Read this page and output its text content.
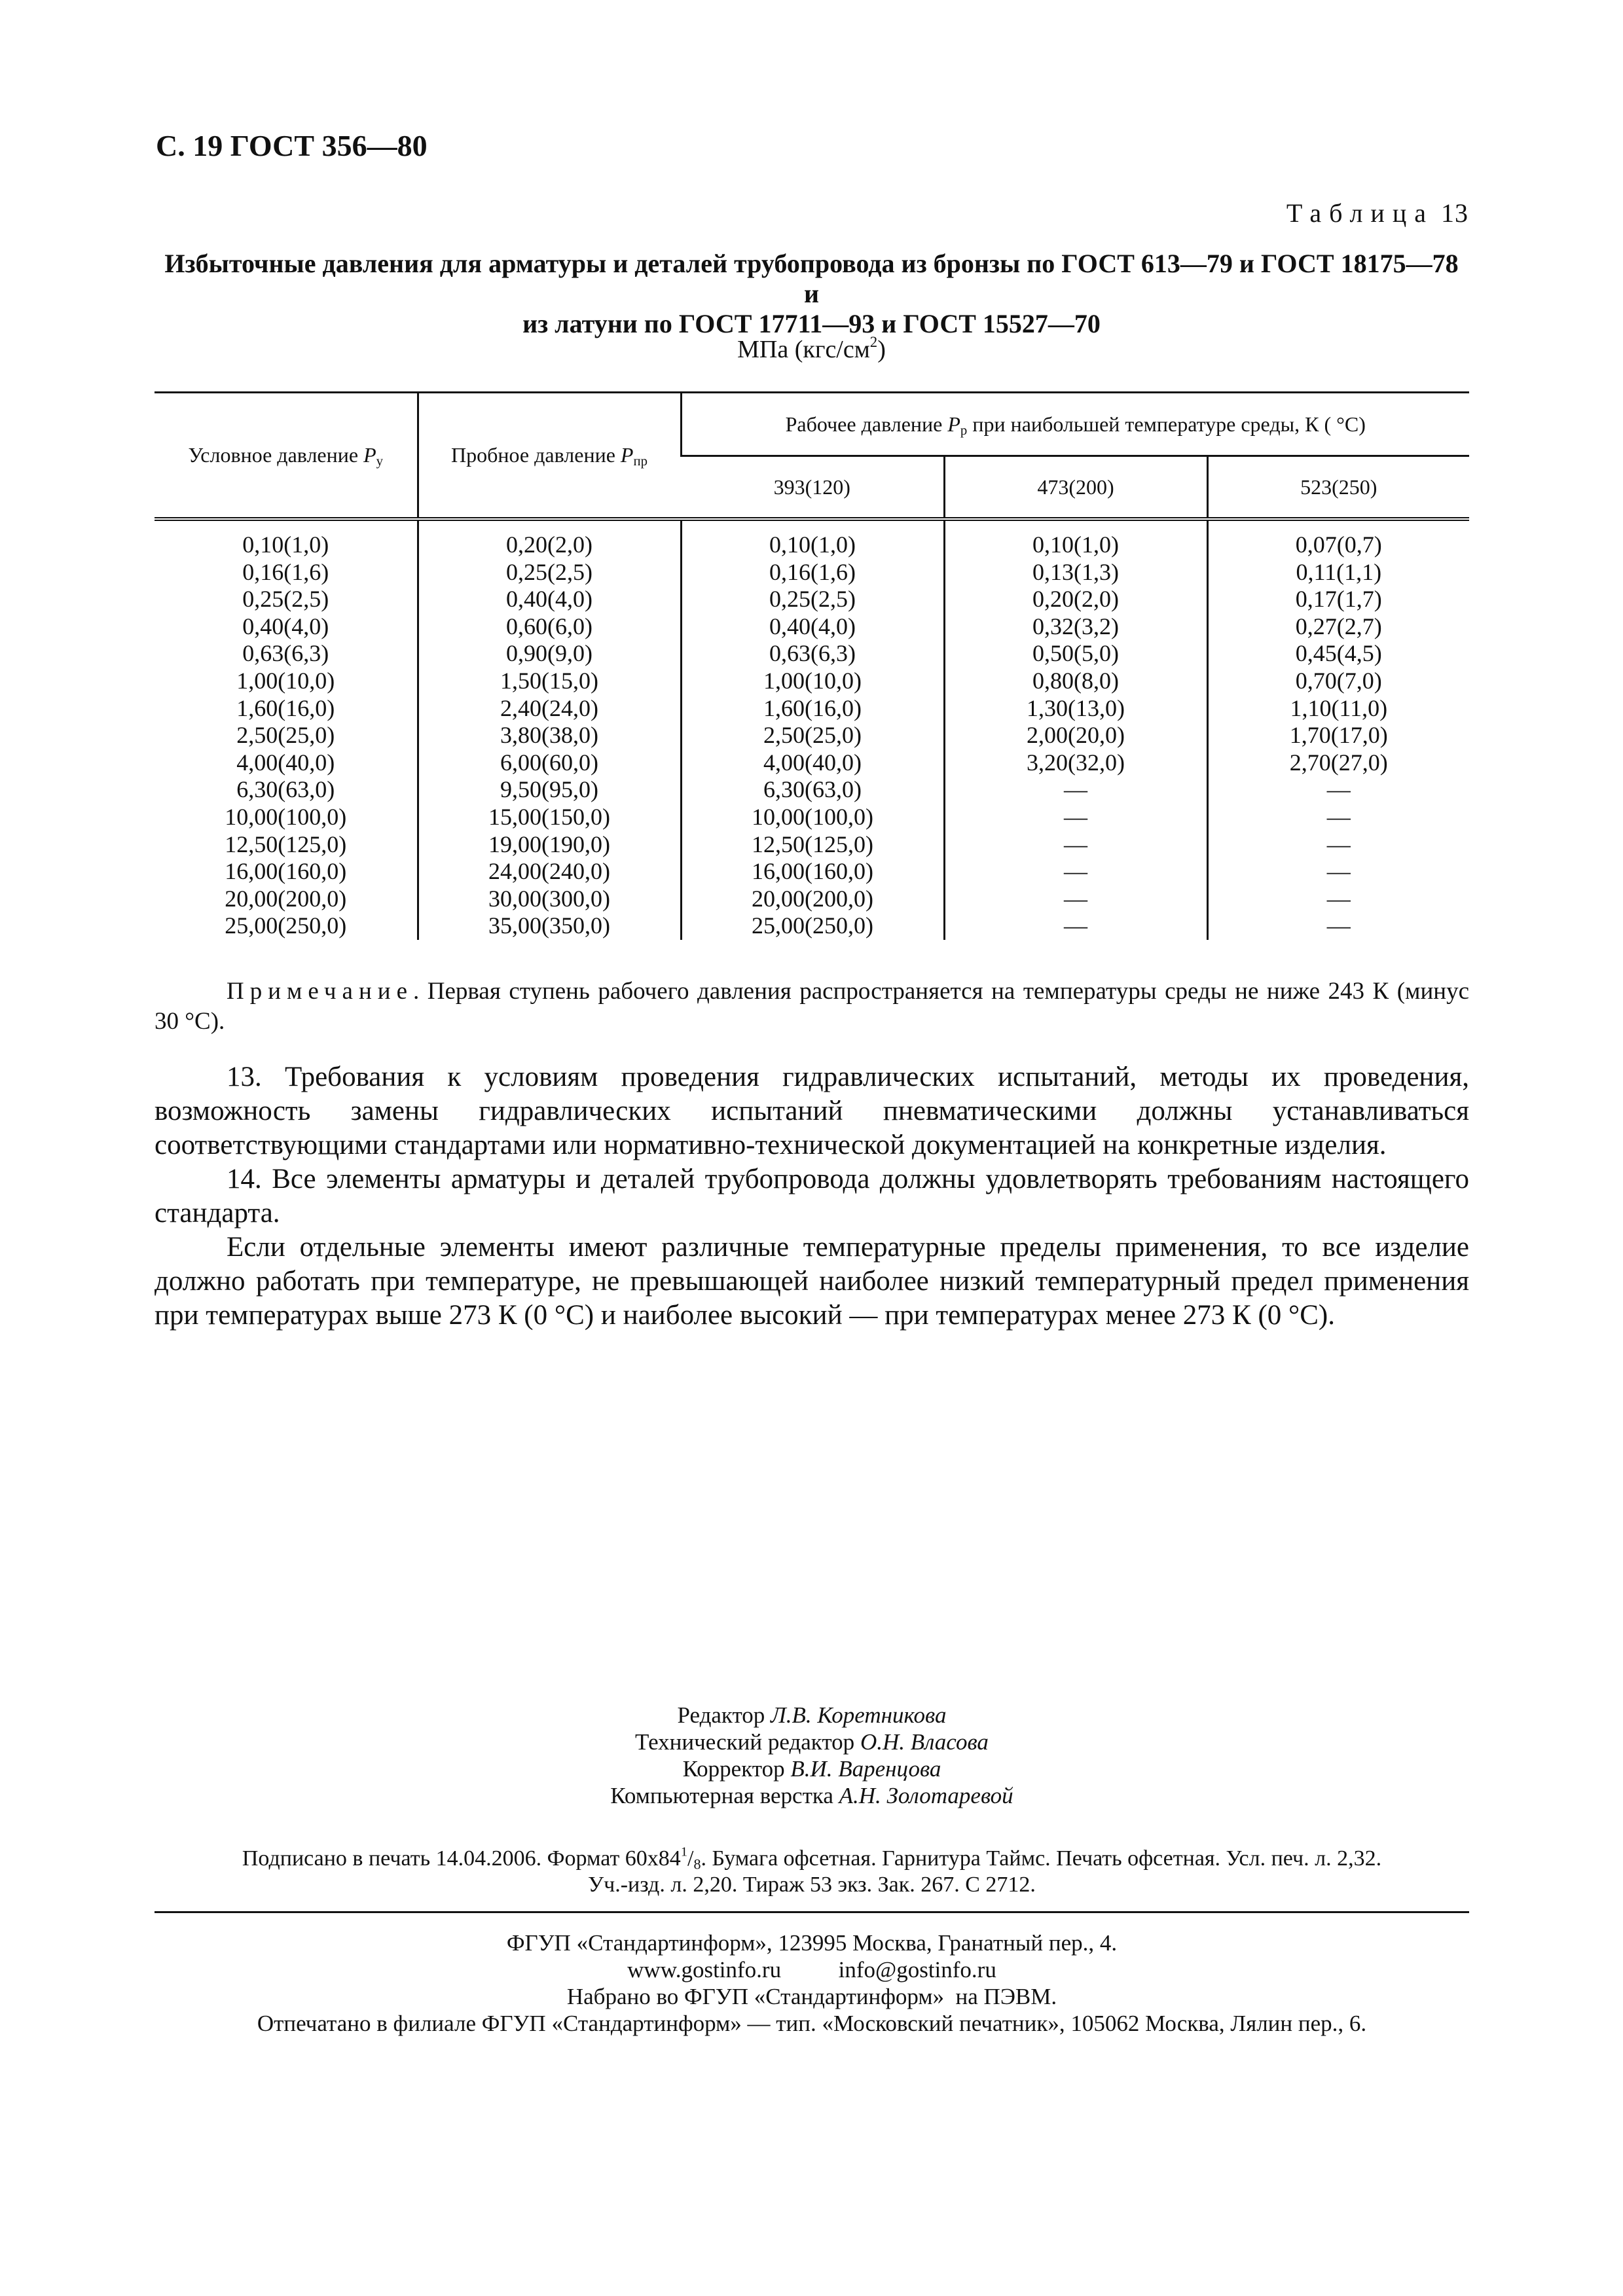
С. 19 ГОСТ 356—80
Таблица 13
Избыточные давления для арматуры и деталей трубопровода из бронзы по ГОСТ 613—79 и ГОСТ 18175—78 и
из латуни по ГОСТ 17711—93 и ГОСТ 15527—70
МПа $(кгс/см^2)$
Условное давление $P_у$	Пробное давление $P_{пр}$	Рабочее давление $P_р$ при наибольшей температуре среды, К ( °С)		
		393(120)	473(200)	523(250)
0,10(1,0)	0,20(2,0)	0,10(1,0)	0,10(1,0)	0,07(0,7)
0,16(1,6)	0,25(2,5)	0,16(1,6)	0,13(1,3)	0,11(1,1)
0,25(2,5)	0,40(4,0)	0,25(2,5)	0,20(2,0)	0,17(1,7)
0,40(4,0)	0,60(6,0)	0,40(4,0)	0,32(3,2)	0,27(2,7)
0,63(6,3)	0,90(9,0)	0,63(6,3)	0,50(5,0)	0,45(4,5)
1,00(10,0)	1,50(15,0)	1,00(10,0)	0,80(8,0)	0,70(7,0)
1,60(16,0)	2,40(24,0)	1,60(16,0)	1,30(13,0)	1,10(11,0)
2,50(25,0)	3,80(38,0)	2,50(25,0)	2,00(20,0)	1,70(17,0)
4,00(40,0)	6,00(60,0)	4,00(40,0)	3,20(32,0)	2,70(27,0)
6,30(63,0)	9,50(95,0)	6,30(63,0)	—	—
10,00(100,0)	15,00(150,0)	10,00(100,0)	—	—
12,50(125,0)	19,00(190,0)	12,50(125,0)	—	—
16,00(160,0)	24,00(240,0)	16,00(160,0)	—	—
20,00(200,0)	30,00(300,0)	20,00(200,0)	—	—
25,00(250,0)	35,00(350,0)	25,00(250,0)	—	—
Примечание. Первая ступень рабочего давления распространяется на температуры среды не ниже 243 К (минус 30 °С).

13. Требования к условиям проведения гидравлических испытаний, методы их проведения, возможность замены гидравлических испытаний пневматическими должны устанавливаться соответствующими стандартами или нормативно-технической документацией на конкретные изделия.

14. Все элементы арматуры и деталей трубопровода должны удовлетворять требованиям настоящего стандарта.

Если отдельные элементы имеют различные температурные пределы применения, то все изделие должно работать при температуре, не превышающей наиболее низкий температурный предел применения при температурах выше 273 К (0 °С) и наиболее высокий — при температурах менее 273 К (0 °С).

Редактор Л.В. Коретникова
Технический редактор О.Н. Власова
Корректор В.И. Варенцова
Компьютерная верстка А.Н. Золотаревой
Подписано в печать 14.04.2006. Формат $60x84^1/_8$. Бумага офсетная. Гарнитура Таймс. Печать офсетная. Усл. печ. л. 2,32.
Уч.-изд. л. 2,20. Тираж 53 экз. Зак. 267. С 2712.
ФГУП «Стандартинформ», 123995 Москва, Гранатный пер., 4.
www.gostinfo.ru          info@gostinfo.ru
Набрано во ФГУП «Стандартинформ»  на ПЭВМ.
Отпечатано в филиале ФГУП «Стандартинформ» — тип. «Московский печатник», 105062 Москва, Лялин пер., 6.
